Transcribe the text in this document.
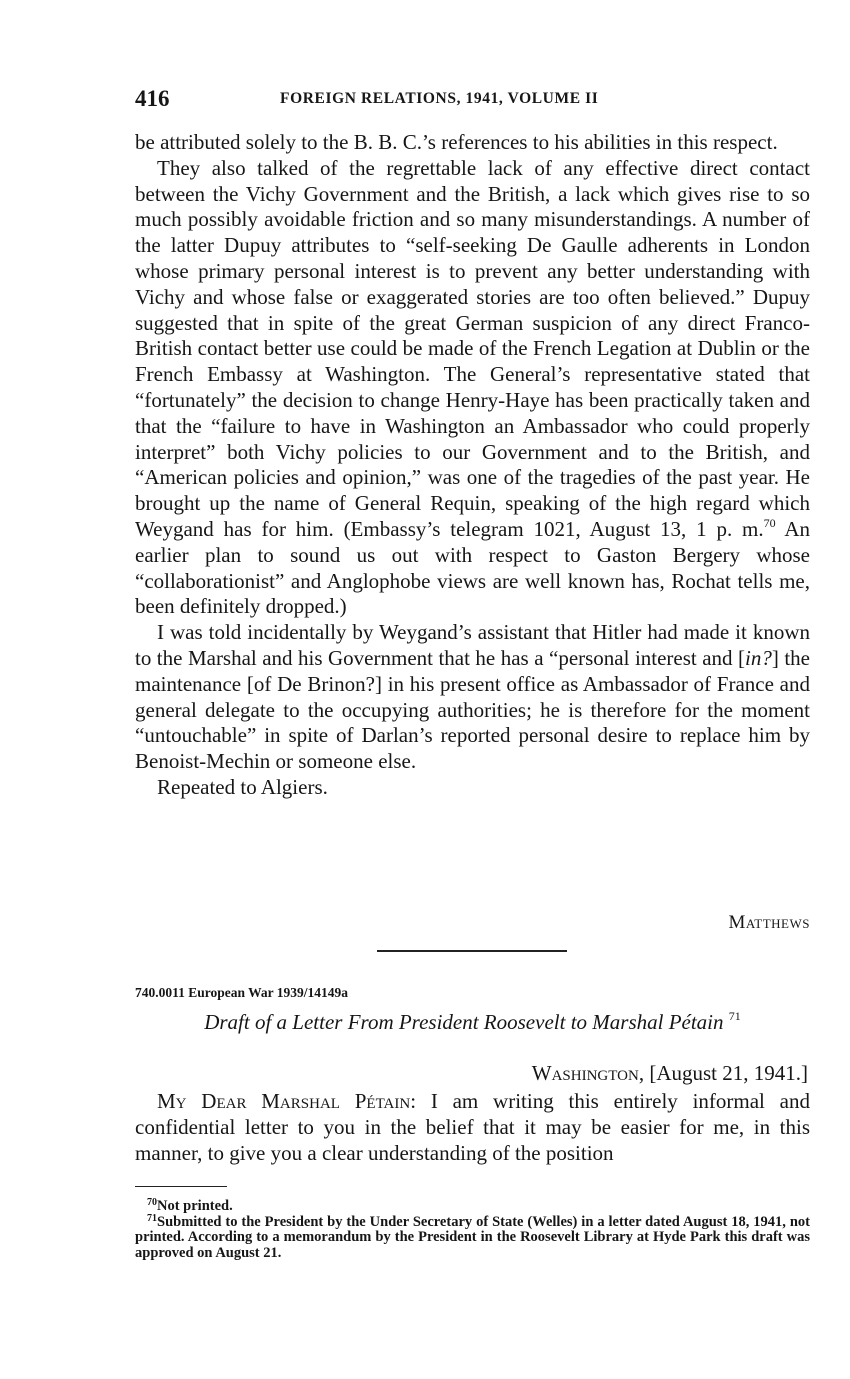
416	FOREIGN RELATIONS, 1941, VOLUME II

be attributed solely to the B. B. C.’s references to his abilities in this respect.

They also talked of the regrettable lack of any effective direct contact between the Vichy Government and the British, a lack which gives rise to so much possibly avoidable friction and so many misunderstandings. A number of the latter Dupuy attributes to “self-seeking De Gaulle adherents in London whose primary personal interest is to prevent any better understanding with Vichy and whose false or exaggerated stories are too often believed.” Dupuy suggested that in spite of the great German suspicion of any direct Franco-British contact better use could be made of the French Legation at Dublin or the French Embassy at Washington. The General’s representative stated that “fortunately” the decision to change Henry-Haye has been practically taken and that the “failure to have in Washington an Ambassador who could properly interpret” both Vichy policies to our Government and to the British, and “American policies and opinion,” was one of the tragedies of the past year. He brought up the name of General Requin, speaking of the high regard which Weygand has for him. (Embassy’s telegram 1021, August 13, 1 p. m.$^{70}$ An earlier plan to sound us out with respect to Gaston Bergery whose “collaborationist” and Anglophobe views are well known has, Rochat tells me, been definitely dropped.)

I was told incidentally by Weygand’s assistant that Hitler had made it known to the Marshal and his Government that he has a “personal interest and [in?] the maintenance [of De Brinon?] in his present office as Ambassador of France and general delegate to the occupying authorities; he is therefore for the moment “untouchable” in spite of Darlan’s reported personal desire to replace him by Benoist-Mechin or someone else.

Repeated to Algiers.

Matthews
740.0011 European War 1939/14149a
Draft of a Letter From President Roosevelt to Marshal Pétain $^{71}$
Washington, [August 21, 1941.]

My Dear Marshal Pétain: I am writing this entirely informal and confidential letter to you in the belief that it may be easier for me, in this manner, to give you a clear understanding of the position

$^{70}$Not printed.

$^{71}$Submitted to the President by the Under Secretary of State (Welles) in a letter dated August 18, 1941, not printed. According to a memorandum by the President in the Roosevelt Library at Hyde Park this draft was approved on August 21.
